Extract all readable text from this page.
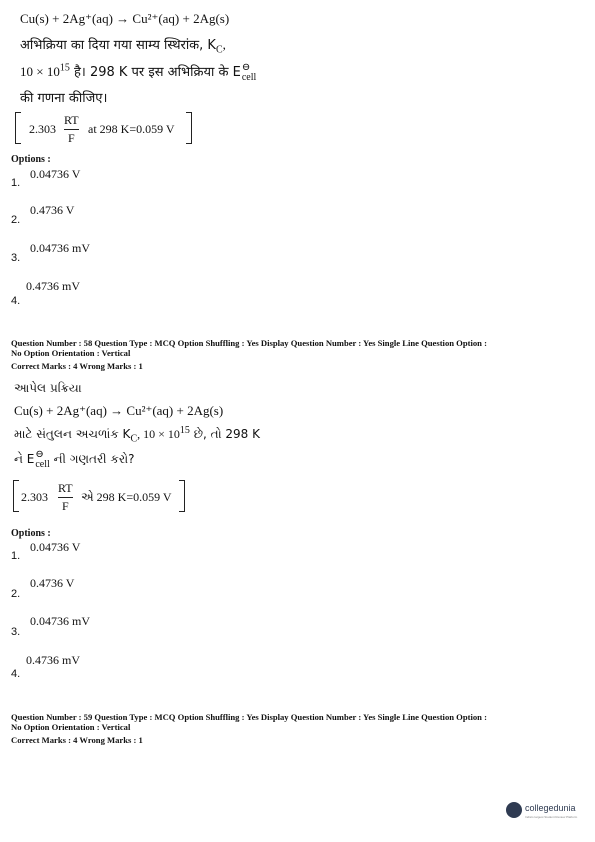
Cu(s) + 2Ag⁺(aq) → Cu²⁺(aq) + 2Ag(s)
अभिक्रिया का दिया गया साम्य स्थिरांक, $K_C$,
$10 \times 10^{15}$ है। 298 K पर इस अभिक्रिया के E ⊖
cell
की गणना कीजिए।
2.303
RT
F
at 298 K=0.059 V
Options :
1.
0.04736 V
2.
0.4736 V
3.
0.04736 mV
4.
0.4736 mV
Question Number : 58 Question Type : MCQ Option Shuffling : Yes Display Question Number : Yes Single Line Question Option :
No Option Orientation : Vertical
Correct Marks : 4 Wrong Marks : 1
આપેલ પ્રક્રિયા
Cu(s) + 2Ag⁺(aq) → Cu²⁺(aq) + 2Ag(s)
માટે સંતુલન અચળાંક $K_C$, $10 \times 10^{15}$ છે, તો 298 K
ને E ⊖
cell ની ગણતરી કરો?
2.303
RT
F
એ 298 K=0.059 V
Options :
1.
0.04736 V
2.
0.4736 V
3.
0.04736 mV
4.
0.4736 mV
Question Number : 59 Question Type : MCQ Option Shuffling : Yes Display Question Number : Yes Single Line Question Option :
No Option Orientation : Vertical
Correct Marks : 4 Wrong Marks : 1
collegedunia
India's largest Student Review Platform
